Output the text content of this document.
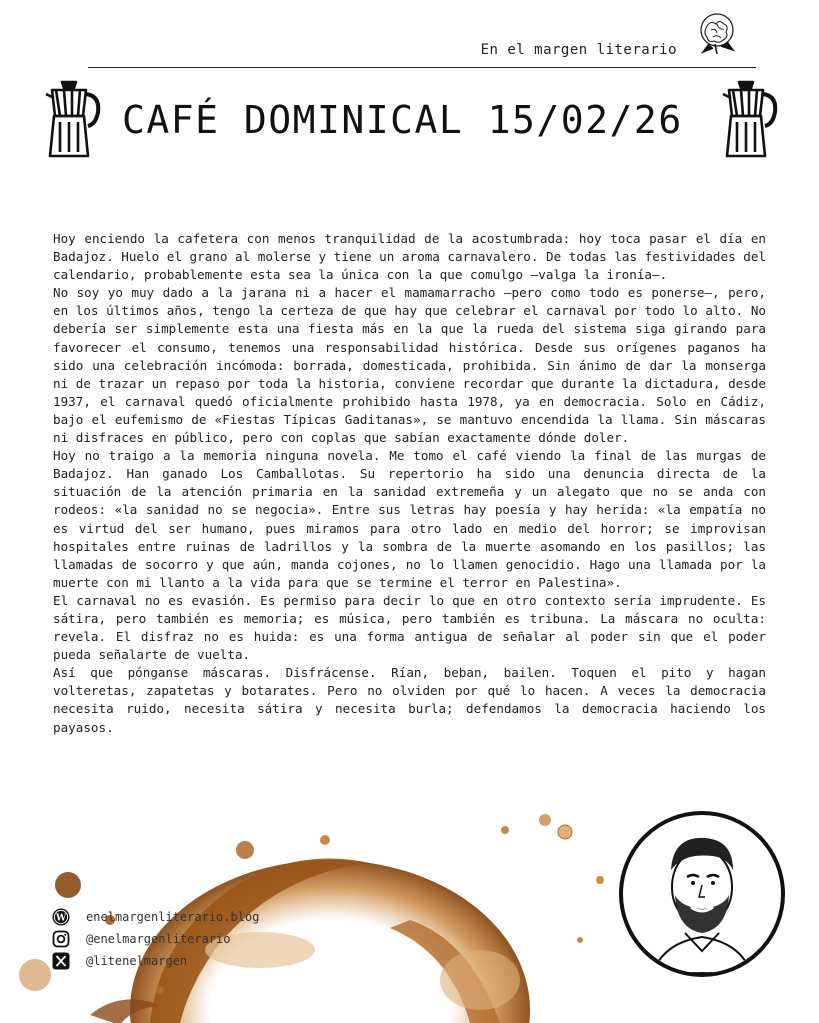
En el margen literario
CAFÉ DOMINICAL 15/02/26

Hoy enciendo la cafetera con menos tranquilidad de la acostumbrada: hoy toca pasar el día en Badajoz. Huelo el grano al molerse y tiene un aroma carnavalero. De todas las festividades del calendario, probablemente esta sea la única con la que comulgo –valga la ironía–.

No soy yo muy dado a la jarana ni a hacer el mamamarracho –pero como todo es ponerse–, pero, en los últimos años, tengo la certeza de que hay que celebrar el carnaval por todo lo alto. No debería ser simplemente esta una fiesta más en la que la rueda del sistema siga girando para favorecer el consumo, tenemos una responsabilidad histórica. Desde sus orígenes paganos ha sido una celebración incómoda: borrada, domesticada, prohibida. Sin ánimo de dar la monserga ni de trazar un repaso por toda la historia, conviene recordar que durante la dictadura, desde 1937, el carnaval quedó oficialmente prohibido hasta 1978, ya en democracia. Solo en Cádiz, bajo el eufemismo de «Fiestas Típicas Gaditanas», se mantuvo encendida la llama. Sin máscaras ni disfraces en público, pero con coplas que sabían exactamente dónde doler.

Hoy no traigo a la memoria ninguna novela. Me tomo el café viendo la final de las murgas de Badajoz. Han ganado Los Camballotas. Su repertorio ha sido una denuncia directa de la situación de la atención primaria en la sanidad extremeña y un alegato que no se anda con rodeos: «la sanidad no se negocia». Entre sus letras hay poesía y hay herida: «la empatía no es virtud del ser humano, pues miramos para otro lado en medio del horror; se improvisan hospitales entre ruinas de ladrillos y la sombra de la muerte asomando en los pasillos; las llamadas de socorro y que aún, manda cojones, no lo llamen genocidio. Hago una llamada por la muerte con mi llanto a la vida para que se termine el terror en Palestina».

El carnaval no es evasión. Es permiso para decir lo que en otro contexto sería imprudente. Es sátira, pero también es memoria; es música, pero también es tribuna. La máscara no oculta: revela. El disfraz no es huida: es una forma antigua de señalar al poder sin que el poder pueda señalarte de vuelta.

Así que pónganse máscaras. Disfrácense. Rían, beban, bailen. Toquen el pito y hagan volteretas, zapatetas y botarates. Pero no olviden por qué lo hacen. A veces la democracia necesita ruido, necesita sátira y necesita burla; defendamos la democracia haciendo los payasos.

W enelmargenliterario.blog
@enelmargenliterario
@litenelmargen
